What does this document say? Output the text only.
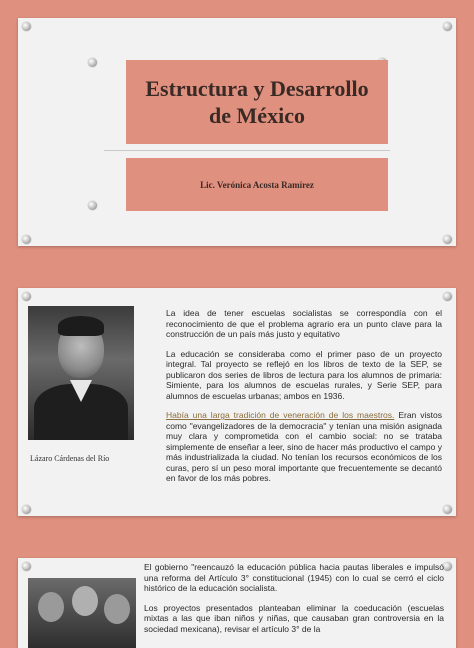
Estructura y Desarrollo
de México
Lic. Verónica Acosta Ramírez
Lázaro Cárdenas del Río

La idea de tener escuelas socialistas se correspondía con el reconocimiento de que el problema agrario era un punto clave para la construcción de un país más justo y equitativo

La educación se consideraba como el primer paso de un proyecto integral. Tal proyecto se reflejó en los libros de texto de la SEP, se publicaron dos series de libros de lectura para los alumnos de primaria: Simiente, para los alumnos de escuelas rurales, y Serie SEP, para alumnos de escuelas urbanas; ambos en 1936.

Había una larga tradición de veneración de los maestros. Eran vistos como "evangelizadores de la democracia" y tenían una misión asignada muy clara y comprometida con el cambio social: no se trataba simplemente de enseñar a leer, sino de hacer más productivo el campo y más industrializada la ciudad. No tenían los recursos económicos de los curas, pero sí un peso moral importante que frecuentemente se decantó en favor de los más pobres.

El gobierno "reencauzó la educación pública hacia pautas liberales e impulsó una reforma del Artículo 3° constitucional (1945) con lo cual se cerró el ciclo histórico de la educación socialista.

Los proyectos presentados planteaban eliminar la coeducación (escuelas mixtas a las que iban niños y niñas, que causaban gran controversia en la sociedad mexicana), revisar el artículo 3° de la
